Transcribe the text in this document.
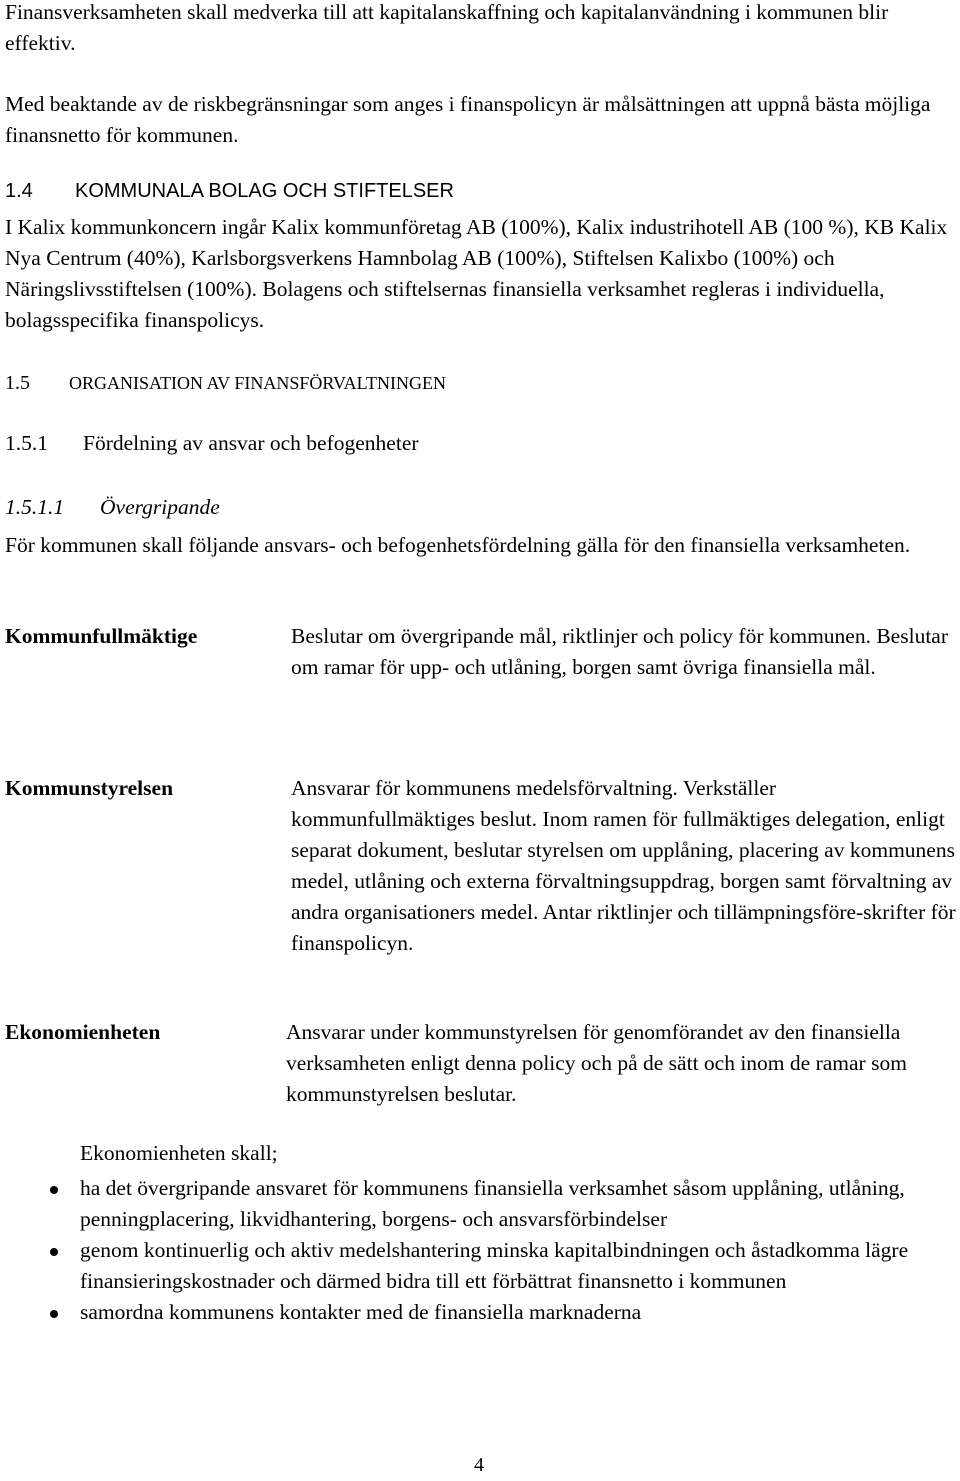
Finansverksamheten skall medverka till att kapitalanskaffning och kapitalanvändning i kommunen blir effektiv.

Med beaktande av de riskbegränsningar som anges i finanspolicyn är målsättningen att uppnå bästa möjliga finansnetto för kommunen.

1.4 KOMMUNALA BOLAG OCH STIFTELSER

I Kalix kommunkoncern ingår Kalix kommunföretag AB (100%), Kalix industrihotell AB (100 %), KB Kalix Nya Centrum (40%), Karlsborgsverkens Hamnbolag AB (100%), Stiftelsen Kalixbo (100%) och Näringslivsstiftelsen (100%). Bolagens och stiftelsernas finansiella verksamhet regleras i individuella, bolagsspecifika finanspolicys.

1.5 ORGANISATION AV FINANSFÖRVALTNINGEN
1.5.1 Fördelning av ansvar och befogenheter
1.5.1.1 Övergripande

För kommunen skall följande ansvars- och befogenhetsfördelning gälla för den finansiella verksamheten.

Kommunfullmäktige	Beslutar om övergripande mål, riktlinjer och policy för kommunen. Beslutar om ramar för upp- och utlåning, borgen samt övriga finansiella mål.

Kommunstyrelsen	Ansvarar för kommunens medelsförvaltning. Verkställer kommunfullmäktiges beslut. Inom ramen för fullmäktiges delegation, enligt separat dokument, beslutar styrelsen om upplåning, placering av kommunens medel, utlåning och externa förvaltningsuppdrag, borgen samt förvaltning av andra organisationers medel. Antar riktlinjer och tillämpningsföre-skrifter för finanspolicyn.

Ekonomienheten	Ansvarar under kommunstyrelsen för genomförandet av den finansiella verksamheten enligt denna policy och på de sätt och inom de ramar som kommunstyrelsen beslutar.

Ekonomienheten skall;
ha det övergripande ansvaret för kommunens finansiella verksamhet såsom upplåning, utlåning, penningplacering, likvidhantering, borgens- och ansvarsförbindelser
genom kontinuerlig och aktiv medelshantering minska kapitalbindningen och åstadkomma lägre finansieringskostnader och därmed bidra till ett förbättrat finansnetto i kommunen
samordna kommunens kontakter med de finansiella marknaderna
4
